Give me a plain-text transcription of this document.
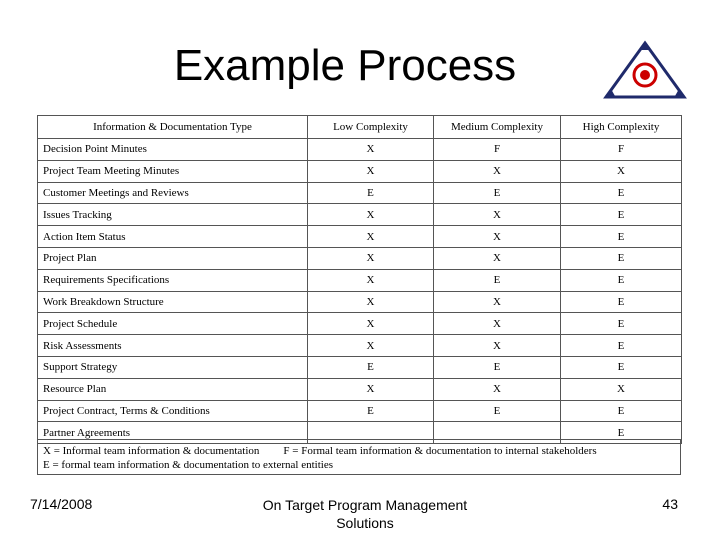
Example Process
Information & Documentation Type	Low Complexity	Medium Complexity	High Complexity
Decision Point Minutes	X	F	F
Project Team Meeting Minutes	X	X	X
Customer Meetings and Reviews	E	E	E
Issues Tracking	X	X	E
Action Item Status	X	X	E
Project Plan	X	X	E
Requirements Specifications	X	E	E
Work Breakdown Structure	X	X	E
Project Schedule	X	X	E
Risk Assessments	X	X	E
Support Strategy	E	E	E
Resource Plan	X	X	X
Project Contract, Terms & Conditions	E	E	E
Partner Agreements			E
X = Informal team information & documentation F = Formal team information & documentation to internal stakeholders
E = formal team information & documentation to external entities
7/14/2008	On Target Program Management
Solutions
43
